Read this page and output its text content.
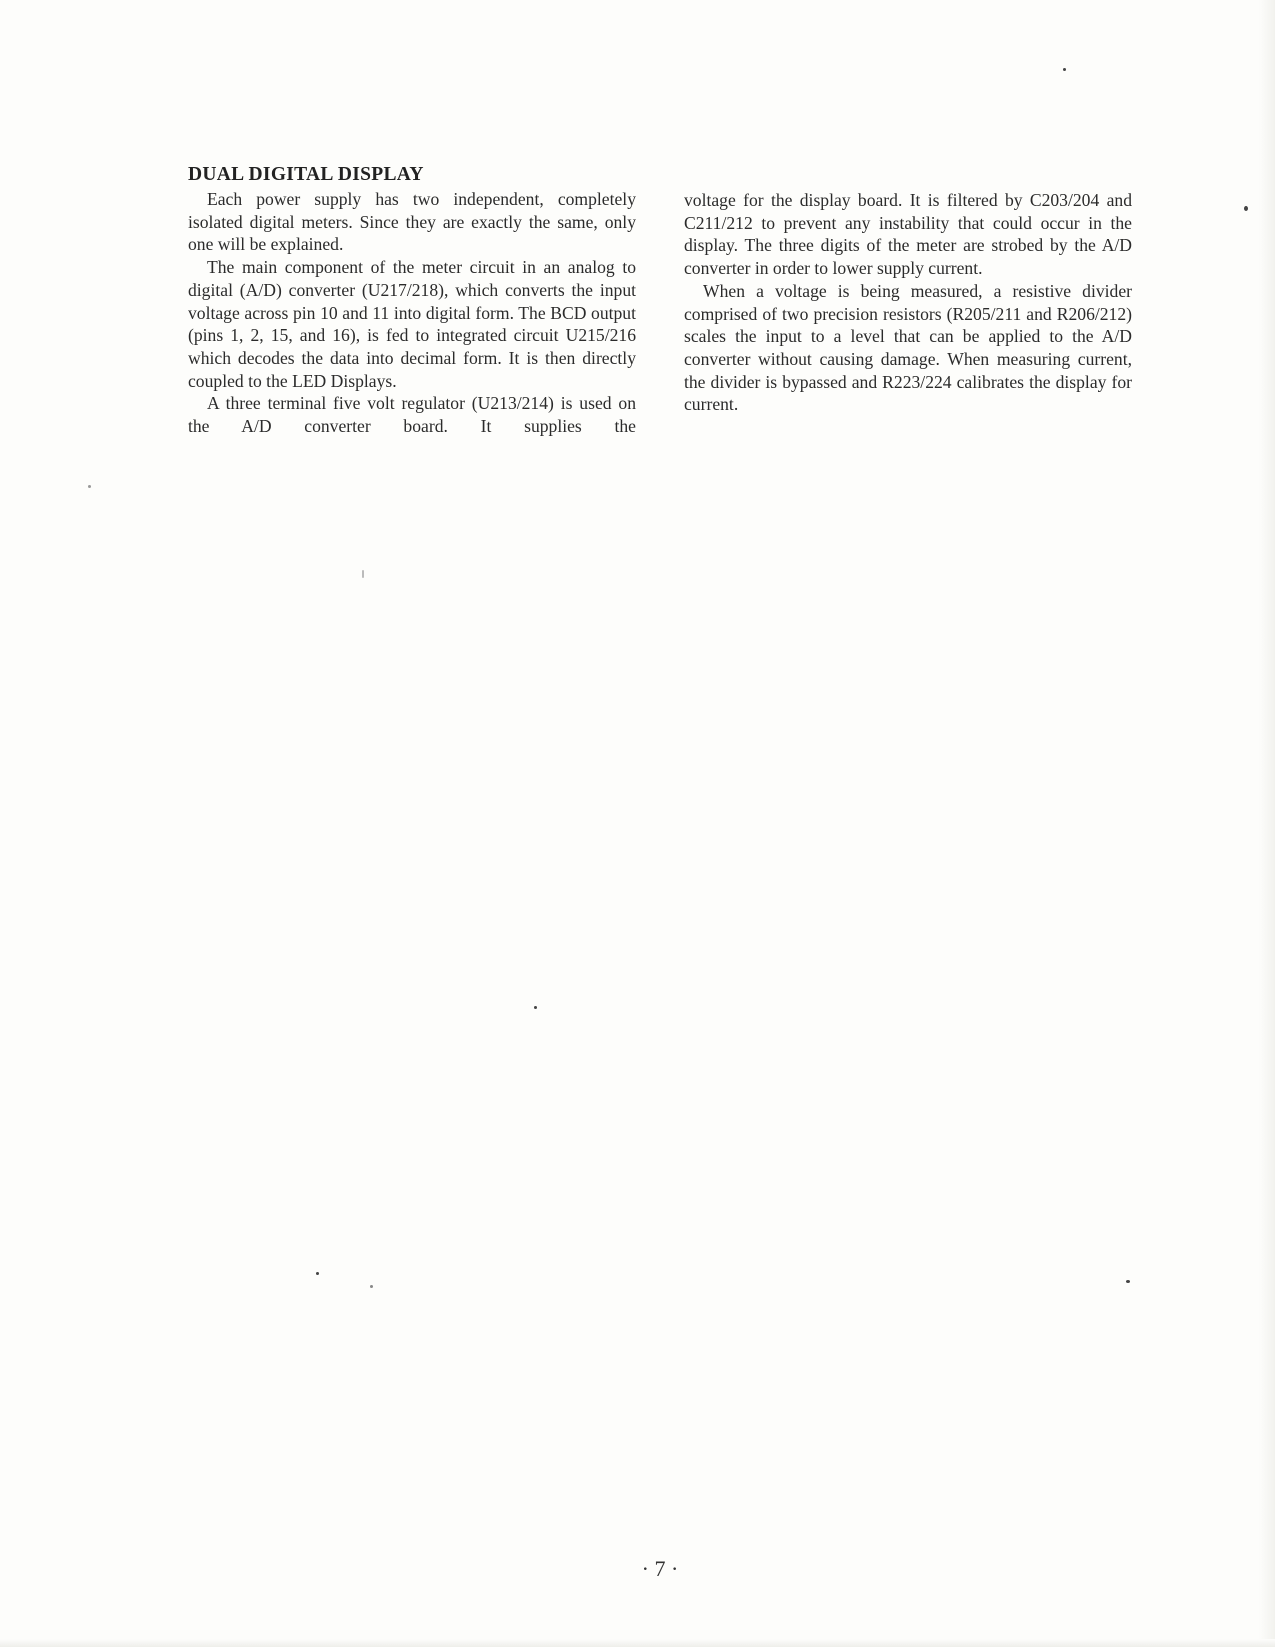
DUAL DIGITAL DISPLAY

Each power supply has two independent, completely isolated digital meters. Since they are exactly the same, only one will be explained.

The main component of the meter circuit in an analog to digital (A/D) converter (U217/218), which converts the input voltage across pin 10 and 11 into digital form. The BCD output (pins 1, 2, 15, and 16), is fed to integrated circuit U215/216 which decodes the data into decimal form. It is then directly coupled to the LED Displays.

A three terminal five volt regulator (U213/214) is used on the A/D converter board. It supplies the

voltage for the display board. It is filtered by C203/​204 and C211/212 to prevent any instability that could occur in the display. The three digits of the meter are strobed by the A/D converter in order to lower supply current.

When a voltage is being measured, a resistive divider comprised of two precision resistors (R205/​211 and R206/212) scales the input to a level that can be applied to the A/D converter without causing damage. When measuring current, the divider is bypassed and R223/224 calibrates the display for current.

· 7 ·
